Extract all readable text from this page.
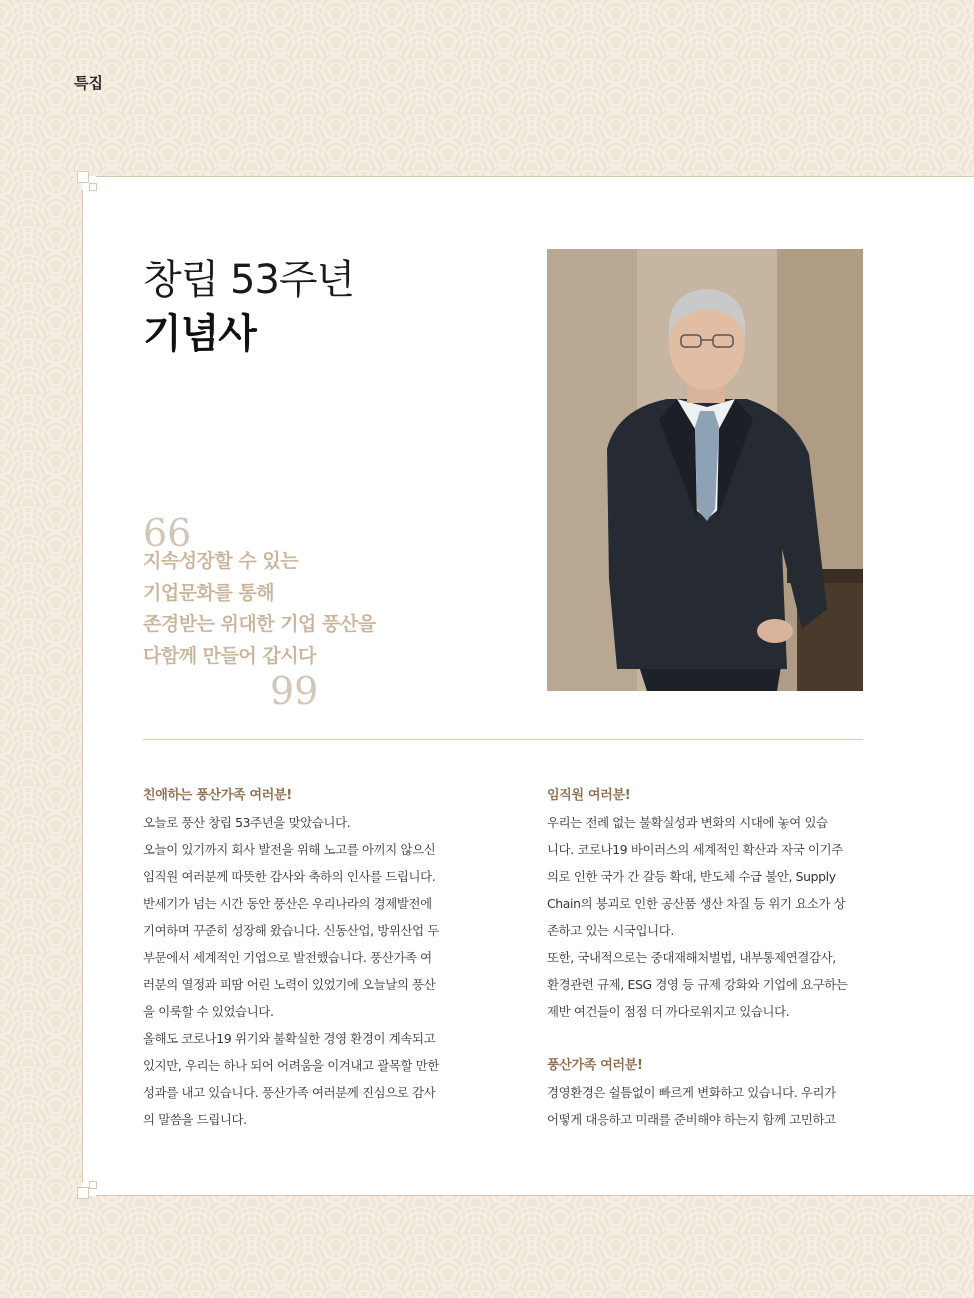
특집
창립 53주년
기념사
66
지속성장할 수 있는
기업문화를 통해
존경받는 위대한 기업 풍산을
다함께 만들어 갑시다
99
친애하는 풍산가족 여러분!
오늘로 풍산 창립 53주년을 맞았습니다.
오늘이 있기까지 회사 발전을 위해 노고를 아끼지 않으신
임직원 여러분께 따뜻한 감사와 축하의 인사를 드립니다.
반세기가 넘는 시간 동안 풍산은 우리나라의 경제발전에
기여하며 꾸준히 성장해 왔습니다. 신동산업, 방위산업 두
부문에서 세계적인 기업으로 발전했습니다. 풍산가족 여
러분의 열정과 피땀 어린 노력이 있었기에 오늘날의 풍산
을 이룩할 수 있었습니다.
올해도 코로나19 위기와 불확실한 경영 환경이 계속되고
있지만, 우리는 하나 되어 어려움을 이겨내고 괄목할 만한
성과를 내고 있습니다. 풍산가족 여러분께 진심으로 감사
의 말씀을 드립니다.
임직원 여러분!
우리는 전례 없는 불확실성과 변화의 시대에 놓여 있습
니다. 코로나19 바이러스의 세계적인 확산과 자국 이기주
의로 인한 국가 간 갈등 확대, 반도체 수급 불안, Supply
Chain의 붕괴로 인한 공산품 생산 차질 등 위기 요소가 상
존하고 있는 시국입니다.
또한, 국내적으로는 중대재해처벌법, 내부통제연결감사,
환경관련 규제, ESG 경영 등 규제 강화와 기업에 요구하는
제반 여건들이 점점 더 까다로워지고 있습니다.
풍산가족 여러분!
경영환경은 쉴틈없이 빠르게 변화하고 있습니다. 우리가
어떻게 대응하고 미래를 준비해야 하는지 함께 고민하고
